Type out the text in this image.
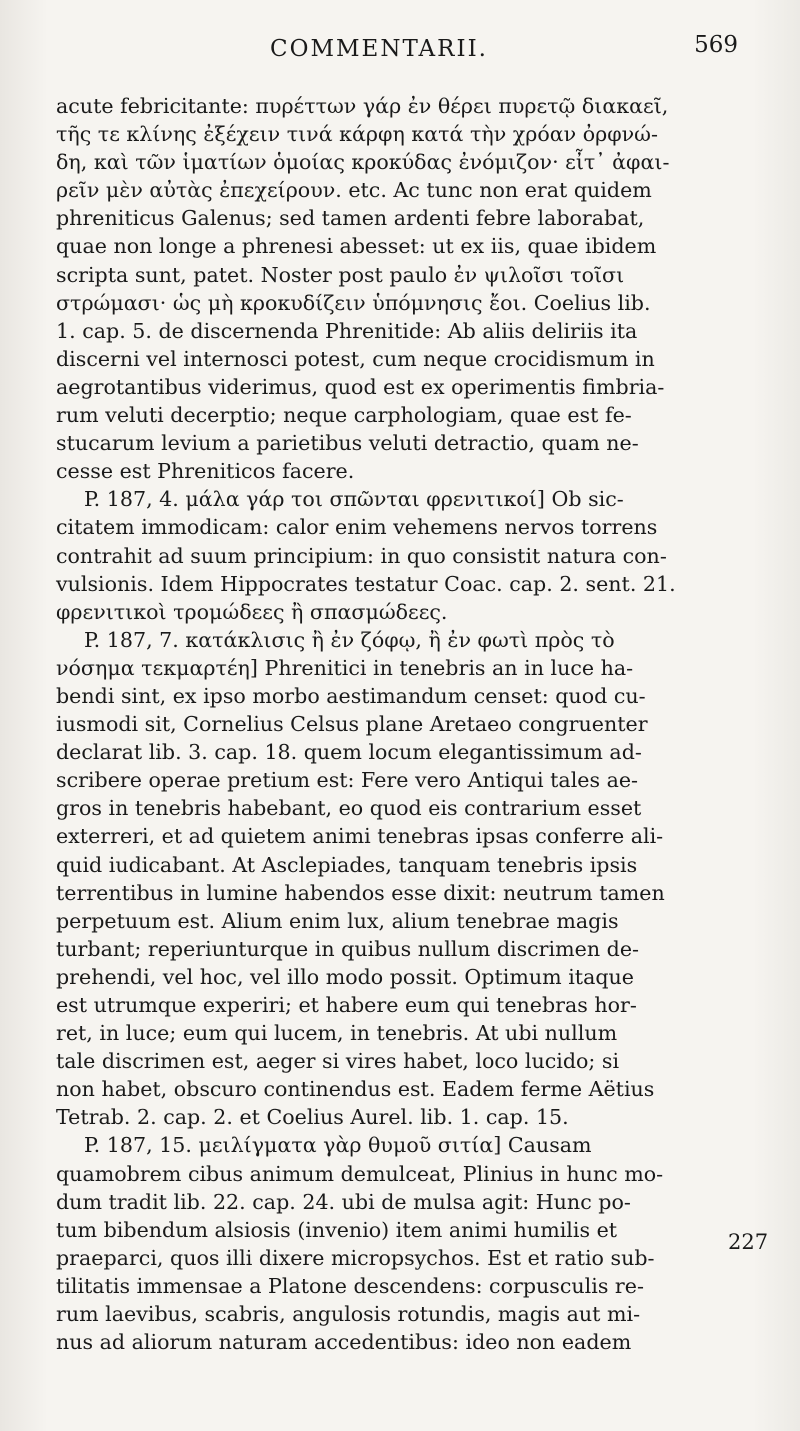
COMMENTARII.	569
acute febricitante: πυρέττων γάρ ἐν θέρει πυρετῷ διακαεῖ,
τῆς τε κλίνης ἐξέχειν τινά κάρφη κατά τὴν χρόαν ὀρφνώ-
δη, καὶ τῶν ἱματίων ὁμοίας κροκύδας ἐνόμιζον· εἶτ᾽ ἀφαι-
ρεῖν μὲν αὐτὰς ἐπεχείρουν. etc. Ac tunc non erat quidem
phreniticus Galenus; sed tamen ardenti febre laborabat,
quae non longe a phrenesi abesset: ut ex iis, quae ibidem
scripta sunt, patet. Noster post paulo ἐν ψιλοῖσι τοῖσι
στρώμασι· ὡς μὴ κροκυδίζειν ὑπόμνησις ἔοι. Coelius lib.
1. cap. 5. de discernenda Phrenitide: Ab aliis deliriis ita
discerni vel internosci potest, cum neque crocidismum in
aegrotantibus viderimus, quod est ex operimentis fimbria-
rum veluti decerptio; neque carphologiam, quae est fe-
stucarum levium a parietibus veluti detractio, quam ne-
cesse est Phreniticos facere.
P. 187, 4. μάλα γάρ τοι σπῶνται φρενιτικοί] Ob sic-
citatem immodicam: calor enim vehemens nervos torrens
contrahit ad suum principium: in quo consistit natura con-
vulsionis. Idem Hippocrates testatur Coac. cap. 2. sent. 21.
φρενιτικοὶ τρομώδεες ἢ σπασμώδεες.
P. 187, 7. κατάκλισις ἢ ἐν ζόφῳ, ἢ ἐν φωτὶ πρὸς τὸ
νόσημα τεκμαρτέη] Phrenitici in tenebris an in luce ha-
bendi sint, ex ipso morbo aestimandum censet: quod cu-
iusmodi sit, Cornelius Celsus plane Aretaeo congruenter
declarat lib. 3. cap. 18. quem locum elegantissimum ad-
scribere operae pretium est: Fere vero Antiqui tales ae-
gros in tenebris habebant, eo quod eis contrarium esset
exterreri, et ad quietem animi tenebras ipsas conferre ali-
quid iudicabant. At Asclepiades, tanquam tenebris ipsis
terrentibus in lumine habendos esse dixit: neutrum tamen
perpetuum est. Alium enim lux, alium tenebrae magis
turbant; reperiunturque in quibus nullum discrimen de-
prehendi, vel hoc, vel illo modo possit. Optimum itaque
est utrumque experiri; et habere eum qui tenebras hor-
ret, in luce; eum qui lucem, in tenebris. At ubi nullum
tale discrimen est, aeger si vires habet, loco lucido; si
non habet, obscuro continendus est. Eadem ferme Aëtius
Tetrab. 2. cap. 2. et Coelius Aurel. lib. 1. cap. 15.
P. 187, 15. μειλίγματα γὰρ θυμοῦ σιτία] Causam
quamobrem cibus animum demulceat, Plinius in hunc mo-
dum tradit lib. 22. cap. 24. ubi de mulsa agit: Hunc po-
tum bibendum alsiosis (invenio) item animi humilis et
praeparci, quos illi dixere micropsychos. Est et ratio sub-
tilitatis immensae a Platone descendens: corpusculis re-
rum laevibus, scabris, angulosis rotundis, magis aut mi-
nus ad aliorum naturam accedentibus: ideo non eadem
227
